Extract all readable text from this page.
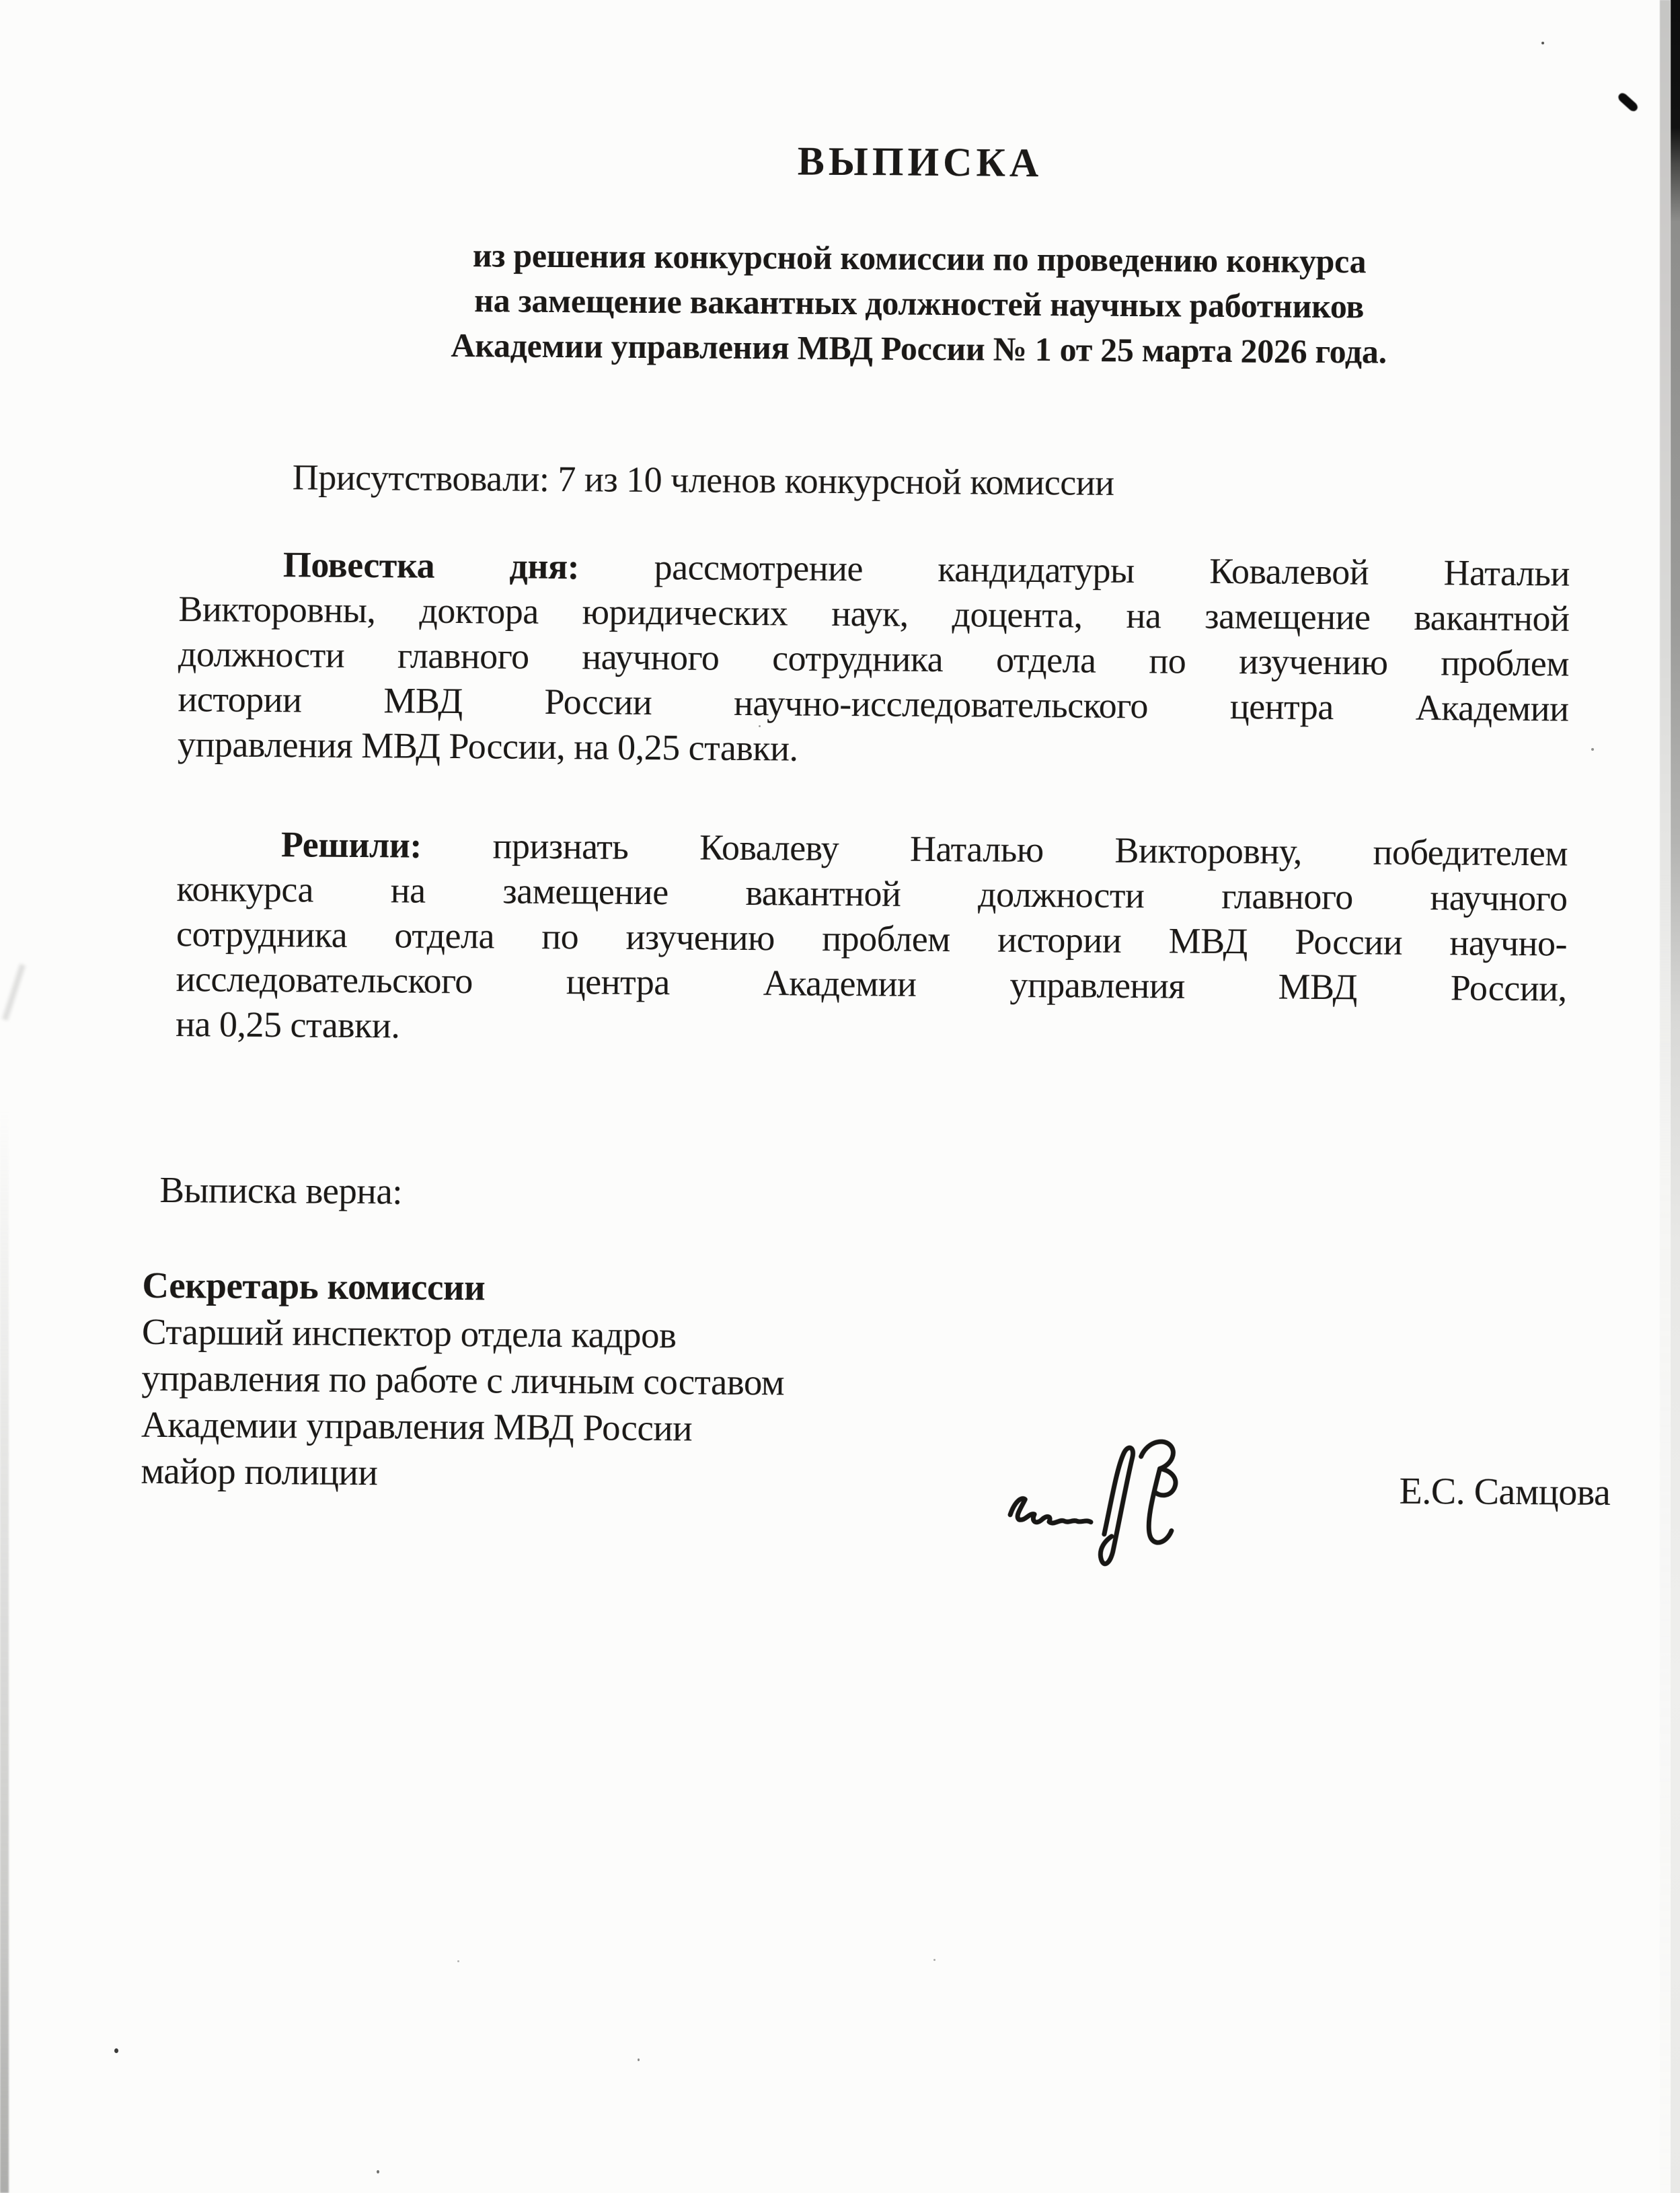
ВЫПИСКА
из решения конкурсной комиссии по проведению конкурса
на замещение вакантных должностей научных работников
Академии управления МВД России № 1 от 25 марта 2026 года.
Присутствовали: 7 из 10 членов конкурсной комиссии
Повестка дня: рассмотрение кандидатуры Ковалевой Натальи
Викторовны, доктора юридических наук, доцента, на замещение вакантной
должности главного научного сотрудника отдела по изучению проблем
истории МВД России научно-исследовательского центра Академии
управления МВД России, на 0,25 ставки.
Решили: признать Ковалеву Наталью Викторовну, победителем
конкурса на замещение вакантной должности главного научного
сотрудника отдела по изучению проблем истории МВД России научно-
исследовательского центра Академии управления МВД России,
на 0,25 ставки.
Выписка верна:
Секретарь комиссии
Старший инспектор отдела кадров
управления по работе с личным составом
Академии управления МВД России
майор полиции	Е.С. Самцова
